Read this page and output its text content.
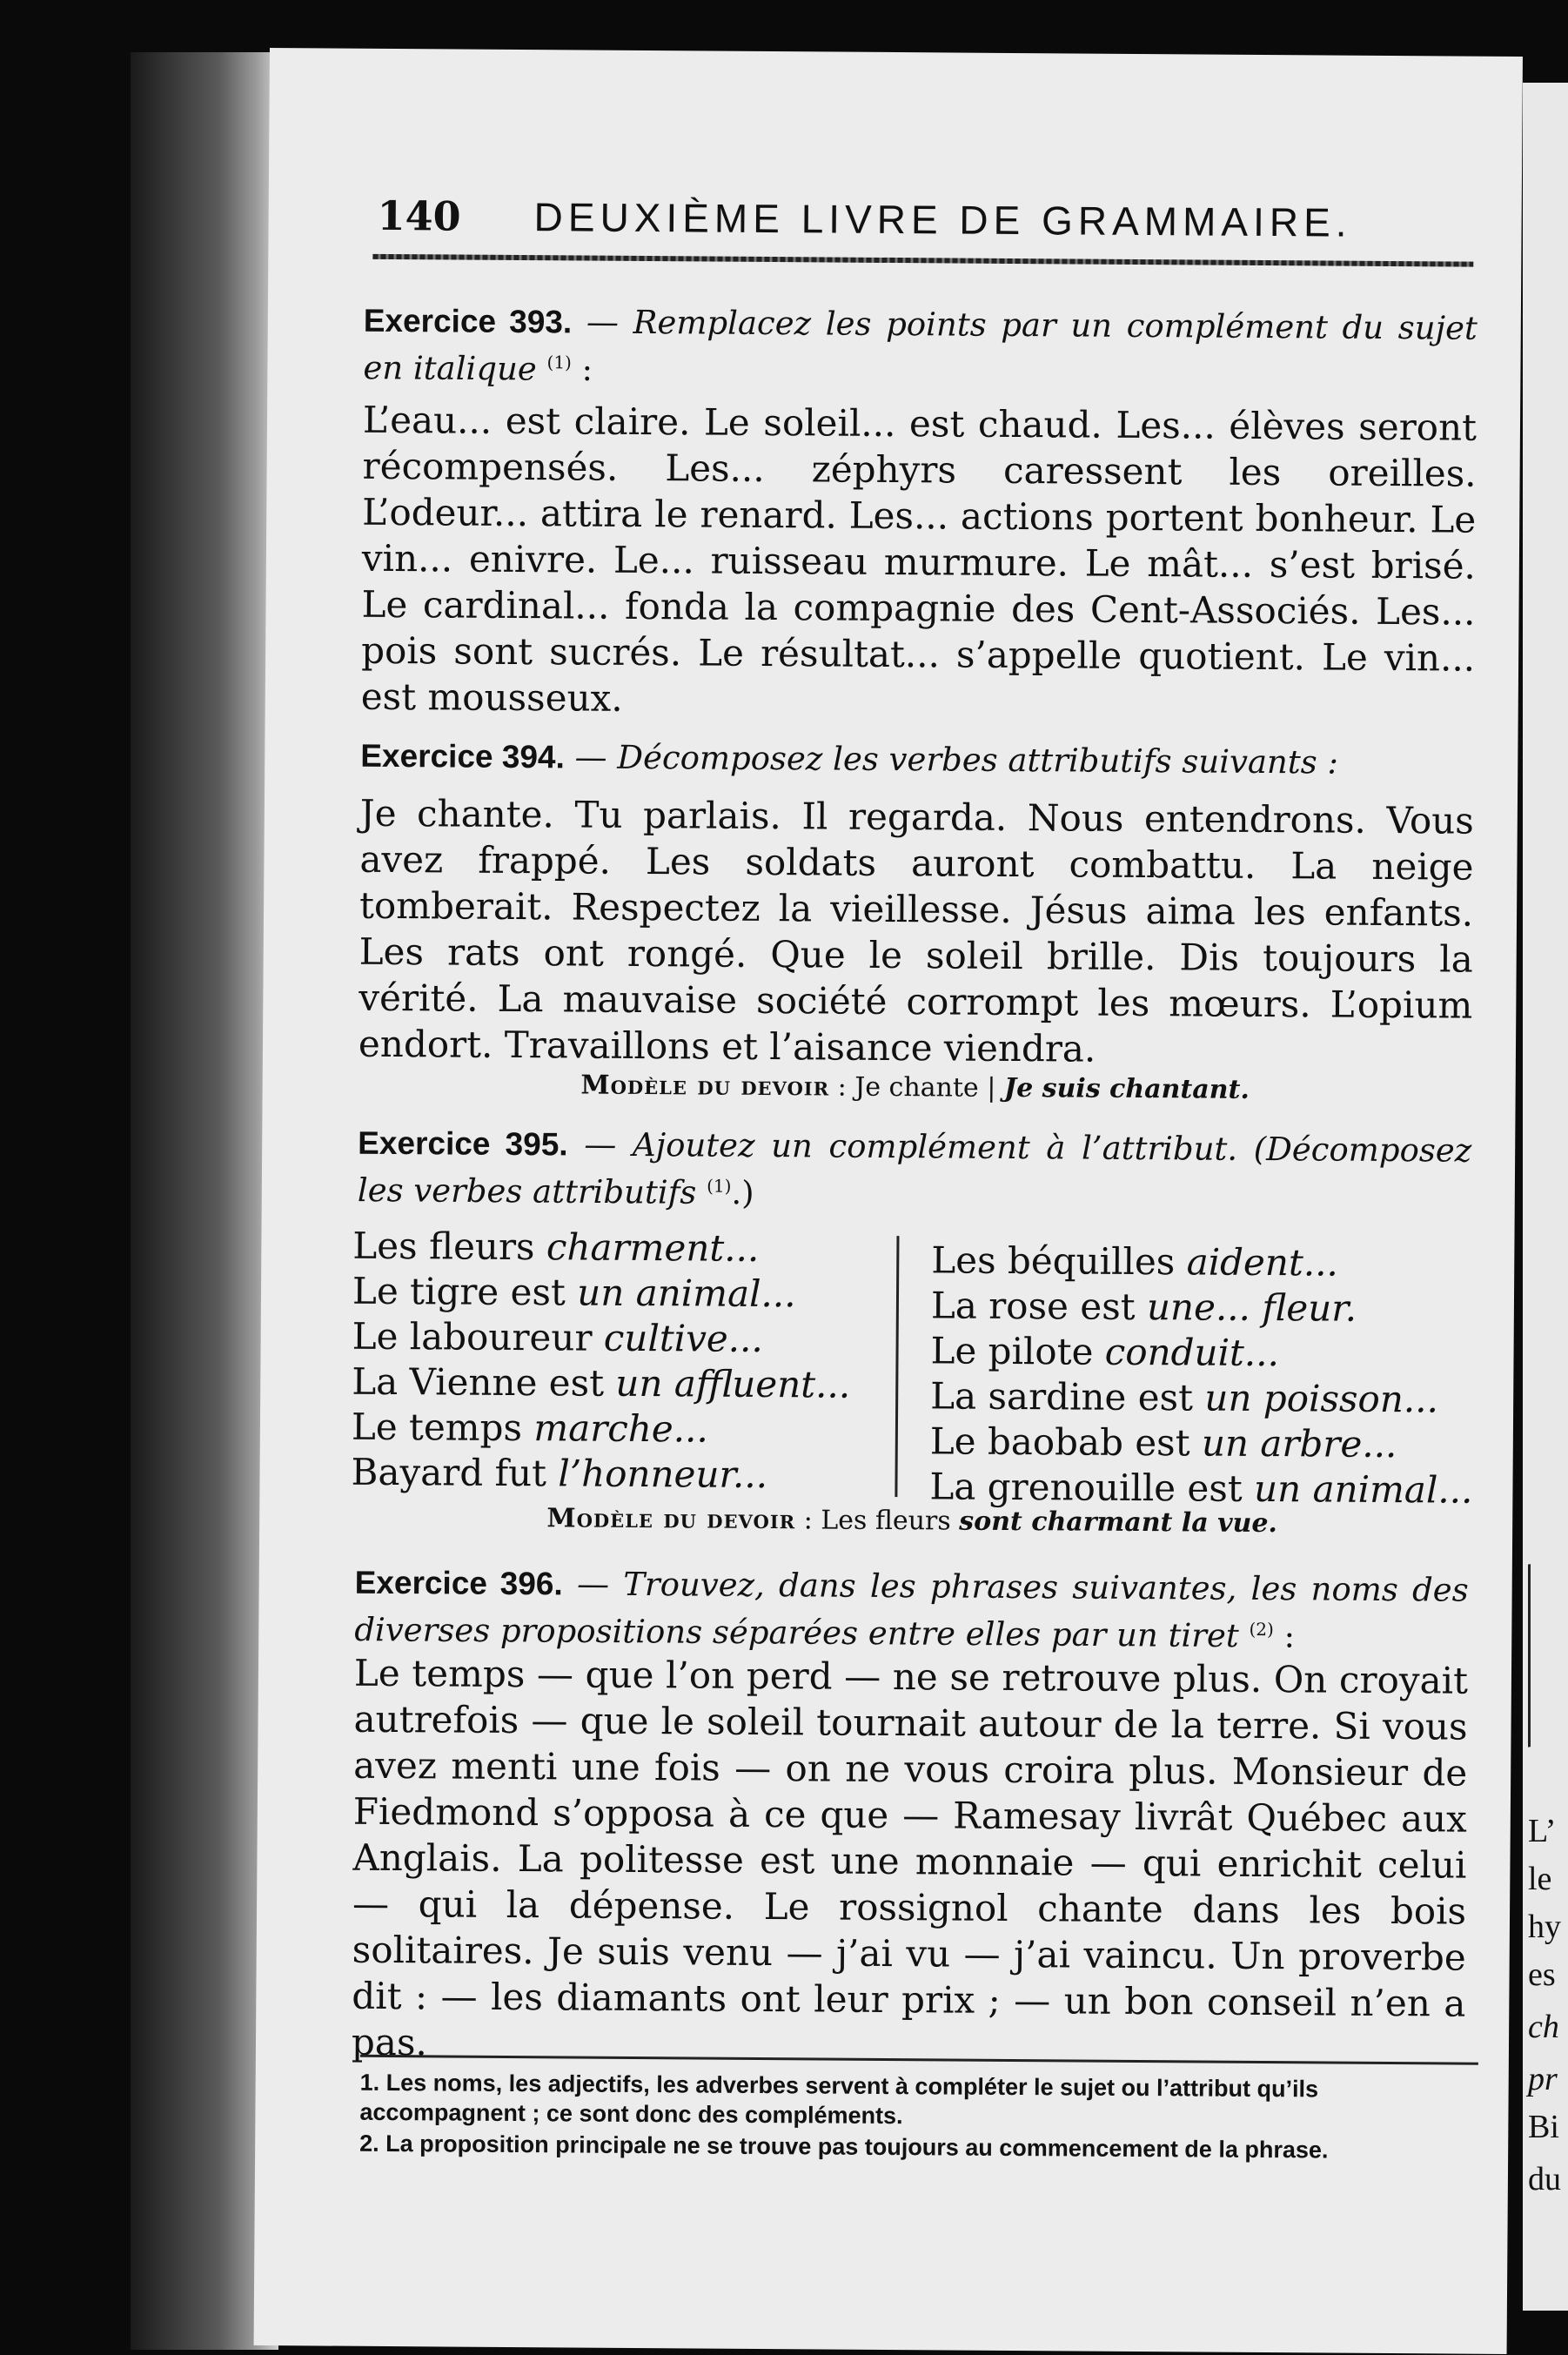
140 DEUXIÈME LIVRE DE GRAMMAIRE.
Exercice 393. — Remplacez les points par un complément du sujet en italique $^{(1)}$ :
L’eau... est claire. Le soleil... est chaud. Les... élèves seront récompensés. Les... zéphyrs caressent les oreilles. L’odeur... attira le renard. Les... actions portent bonheur. Le vin... enivre. Le... ruisseau murmure. Le mât... s’est brisé. Le cardinal... fonda la compagnie des Cent-Associés. Les... pois sont sucrés. Le résultat... s’appelle quotient. Le vin... est mousseux.
Exercice 394. — Décomposez les verbes attributifs suivants :
Je chante. Tu parlais. Il regarda. Nous entendrons. Vous avez frappé. Les soldats auront combattu. La neige tomberait. Respectez la vieillesse. Jésus aima les enfants. Les rats ont rongé. Que le soleil brille. Dis toujours la vérité. La mauvaise société corrompt les mœurs. L’opium endort. Travaillons et l’aisance viendra.
Modèle du devoir : Je chante | Je suis chantant.
Exercice 395. — Ajoutez un complément à l’attribut. (Décomposez les verbes attributifs $^{(1)}$.)
Les fleurs charment...
Le tigre est un animal...
Le laboureur cultive...
La Vienne est un affluent...
Le temps marche...
Bayard fut l’honneur...
Les béquilles aident...
La rose est une... fleur.
Le pilote conduit...
La sardine est un poisson...
Le baobab est un arbre...
La grenouille est un animal...
Modèle du devoir : Les fleurs sont charmant la vue.
Exercice 396. — Trouvez, dans les phrases suivantes, les noms des diverses propositions séparées entre elles par un tiret $^{(2)}$ :
Le temps — que l’on perd — ne se retrouve plus. On croyait autrefois — que le soleil tournait autour de la terre. Si vous avez menti une fois — on ne vous croira plus. Monsieur de Fiedmond s’opposa à ce que — Ramesay livrât Québec aux Anglais. La politesse est une monnaie — qui enrichit celui — qui la dépense. Le rossignol chante dans les bois solitaires. Je suis venu — j’ai vu — j’ai vaincu. Un proverbe dit : — les diamants ont leur prix ; — un bon conseil n’en a pas.
1. Les noms, les adjectifs, les adverbes servent à compléter le sujet ou l’attribut qu’ils accompagnent ; ce sont donc des compléments.
2. La proposition principale ne se trouve pas toujours au commencement de la phrase.
L’
le
hy
es
ch
pr
Bi
du
